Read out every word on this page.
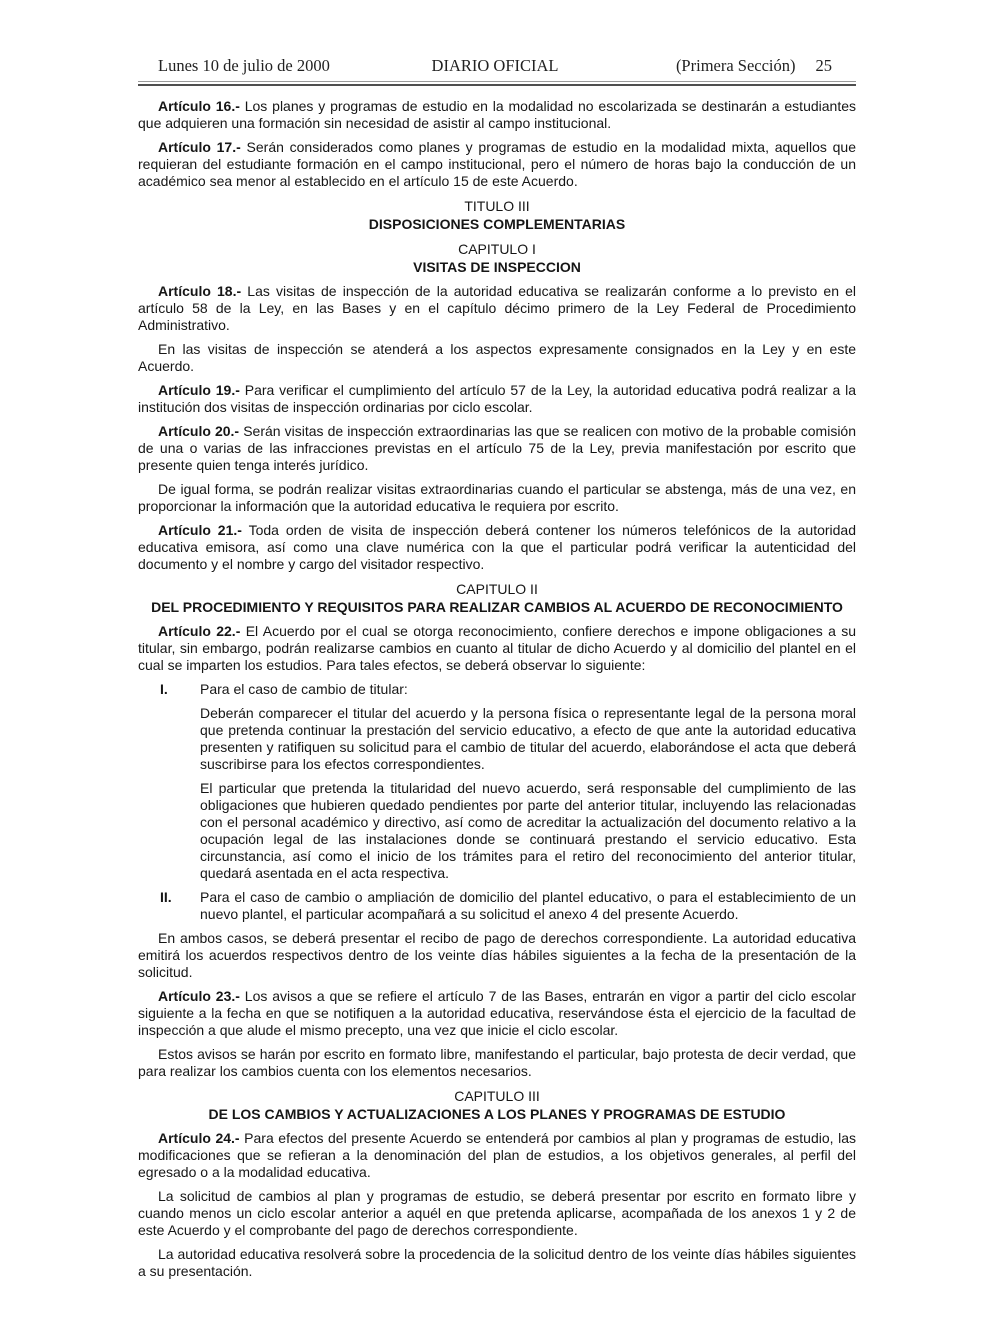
Lunes 10 de julio de 2000	DIARIO OFICIAL	(Primera Sección) 25

Artículo 16.- Los planes y programas de estudio en la modalidad no escolarizada se destinarán a estudiantes que adquieren una formación sin necesidad de asistir al campo institucional.

Artículo 17.- Serán considerados como planes y programas de estudio en la modalidad mixta, aquellos que requieran del estudiante formación en el campo institucional, pero el número de horas bajo la conducción de un académico sea menor al establecido en el artículo 15 de este Acuerdo.

TITULO III
DISPOSICIONES COMPLEMENTARIAS
CAPITULO I
VISITAS DE INSPECCION

Artículo 18.- Las visitas de inspección de la autoridad educativa se realizarán conforme a lo previsto en el artículo 58 de la Ley, en las Bases y en el capítulo décimo primero de la Ley Federal de Procedimiento Administrativo.

En las visitas de inspección se atenderá a los aspectos expresamente consignados en la Ley y en este Acuerdo.

Artículo 19.- Para verificar el cumplimiento del artículo 57 de la Ley, la autoridad educativa podrá realizar a la institución dos visitas de inspección ordinarias por ciclo escolar.

Artículo 20.- Serán visitas de inspección extraordinarias las que se realicen con motivo de la probable comisión de una o varias de las infracciones previstas en el artículo 75 de la Ley, previa manifestación por escrito que presente quien tenga interés jurídico.

De igual forma, se podrán realizar visitas extraordinarias cuando el particular se abstenga, más de una vez, en proporcionar la información que la autoridad educativa le requiera por escrito.

Artículo 21.- Toda orden de visita de inspección deberá contener los números telefónicos de la autoridad educativa emisora, así como una clave numérica con la que el particular podrá verificar la autenticidad del documento y el nombre y cargo del visitador respectivo.

CAPITULO II
DEL PROCEDIMIENTO Y REQUISITOS PARA REALIZAR CAMBIOS AL ACUERDO DE RECONOCIMIENTO

Artículo 22.- El Acuerdo por el cual se otorga reconocimiento, confiere derechos e impone obligaciones a su titular, sin embargo, podrán realizarse cambios en cuanto al titular de dicho Acuerdo y al domicilio del plantel en el cual se imparten los estudios. Para tales efectos, se deberá observar lo siguiente:

I. Para el caso de cambio de titular:

Deberán comparecer el titular del acuerdo y la persona física o representante legal de la persona moral que pretenda continuar la prestación del servicio educativo, a efecto de que ante la autoridad educativa presenten y ratifiquen su solicitud para el cambio de titular del acuerdo, elaborándose el acta que deberá suscribirse para los efectos correspondientes.

El particular que pretenda la titularidad del nuevo acuerdo, será responsable del cumplimiento de las obligaciones que hubieren quedado pendientes por parte del anterior titular, incluyendo las relacionadas con el personal académico y directivo, así como de acreditar la actualización del documento relativo a la ocupación legal de las instalaciones donde se continuará prestando el servicio educativo. Esta circunstancia, así como el inicio de los trámites para el retiro del reconocimiento del anterior titular, quedará asentada en el acta respectiva.

II. Para el caso de cambio o ampliación de domicilio del plantel educativo, o para el establecimiento de un nuevo plantel, el particular acompañará a su solicitud el anexo 4 del presente Acuerdo.

En ambos casos, se deberá presentar el recibo de pago de derechos correspondiente. La autoridad educativa emitirá los acuerdos respectivos dentro de los veinte días hábiles siguientes a la fecha de la presentación de la solicitud.

Artículo 23.- Los avisos a que se refiere el artículo 7 de las Bases, entrarán en vigor a partir del ciclo escolar siguiente a la fecha en que se notifiquen a la autoridad educativa, reservándose ésta el ejercicio de la facultad de inspección a que alude el mismo precepto, una vez que inicie el ciclo escolar.

Estos avisos se harán por escrito en formato libre, manifestando el particular, bajo protesta de decir verdad, que para realizar los cambios cuenta con los elementos necesarios.

CAPITULO III
DE LOS CAMBIOS Y ACTUALIZACIONES A LOS PLANES Y PROGRAMAS DE ESTUDIO

Artículo 24.- Para efectos del presente Acuerdo se entenderá por cambios al plan y programas de estudio, las modificaciones que se refieran a la denominación del plan de estudios, a los objetivos generales, al perfil del egresado o a la modalidad educativa.

La solicitud de cambios al plan y programas de estudio, se deberá presentar por escrito en formato libre y cuando menos un ciclo escolar anterior a aquél en que pretenda aplicarse, acompañada de los anexos 1 y 2 de este Acuerdo y el comprobante del pago de derechos correspondiente.

La autoridad educativa resolverá sobre la procedencia de la solicitud dentro de los veinte días hábiles siguientes a su presentación.
